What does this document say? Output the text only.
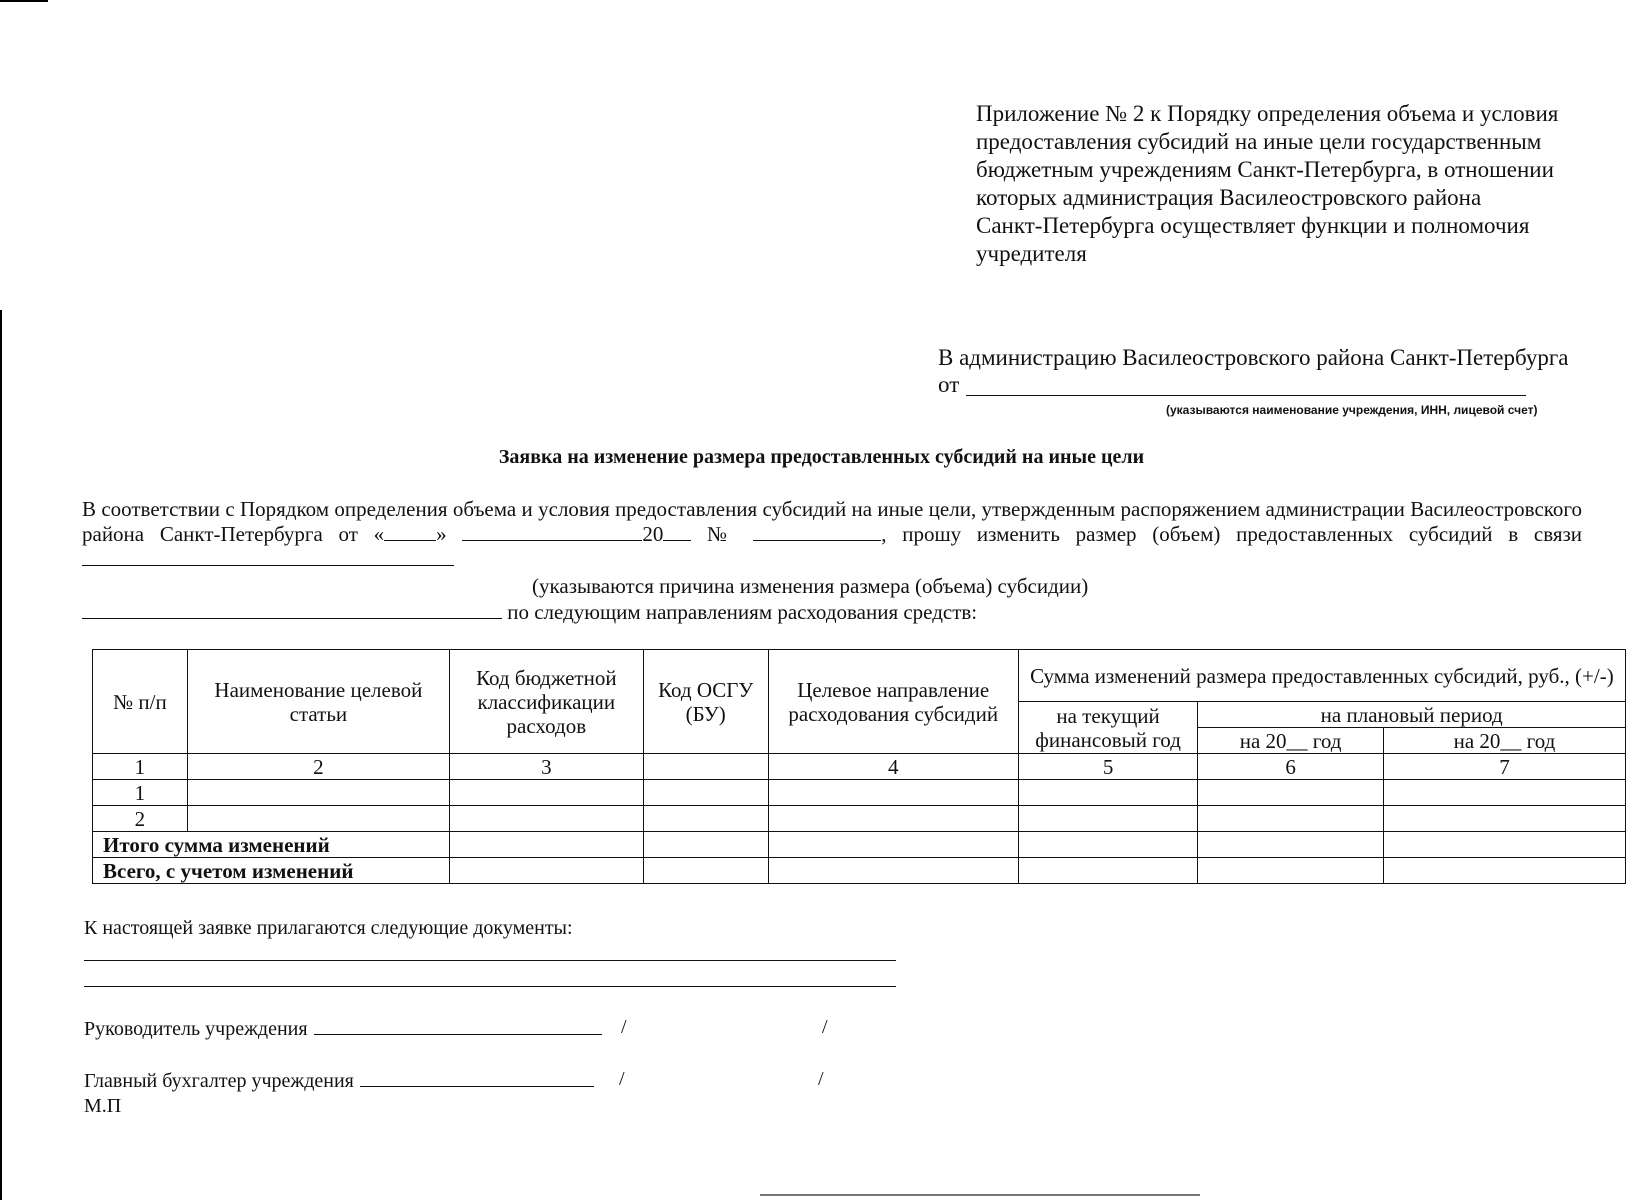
Приложение № 2 к Порядку определения объема и условия
предоставления субсидий на иные цели государственным
бюджетным учреждениям Санкт-Петербурга, в отношении
которых администрация Василеостровского района
Санкт-Петербурга осуществляет функции и полномочия
учредителя
В администрацию Василеостровского района Санкт-Петербурга
от
(указываются наименование учреждения, ИНН, лицевой счет)
Заявка на изменение размера предоставленных субсидий на иные цели
В соответствии с Порядком определения объема и условия предоставления субсидий на иные цели, утвержденным распоряжением администрации Василеостровского района Санкт-Петербурга от « »	20 №	, прошу изменить размер (объем) предоставленных субсидий в связи
(указываются причина изменения размера (объема) субсидии)
по следующим направлениям расходования средств:
№ п/п	Наименование целевой статьи	Код бюджетной классификации расходов	Код ОСГУ (БУ)	Целевое направление расходования субсидий	Сумма изменений размера предоставленных субсидий, руб., (+/-)		
					на текущий финансовый год	на плановый период	
						на 20__ год	на 20__ год
1	2	3		4	5	6	7
1							
2							
Итого сумма изменений							
Всего, с учетом изменений							
К настоящей заявке прилагаются следующие документы:
Руководитель учреждения	/	/
Главный бухгалтер учреждения	/	/
М.П
